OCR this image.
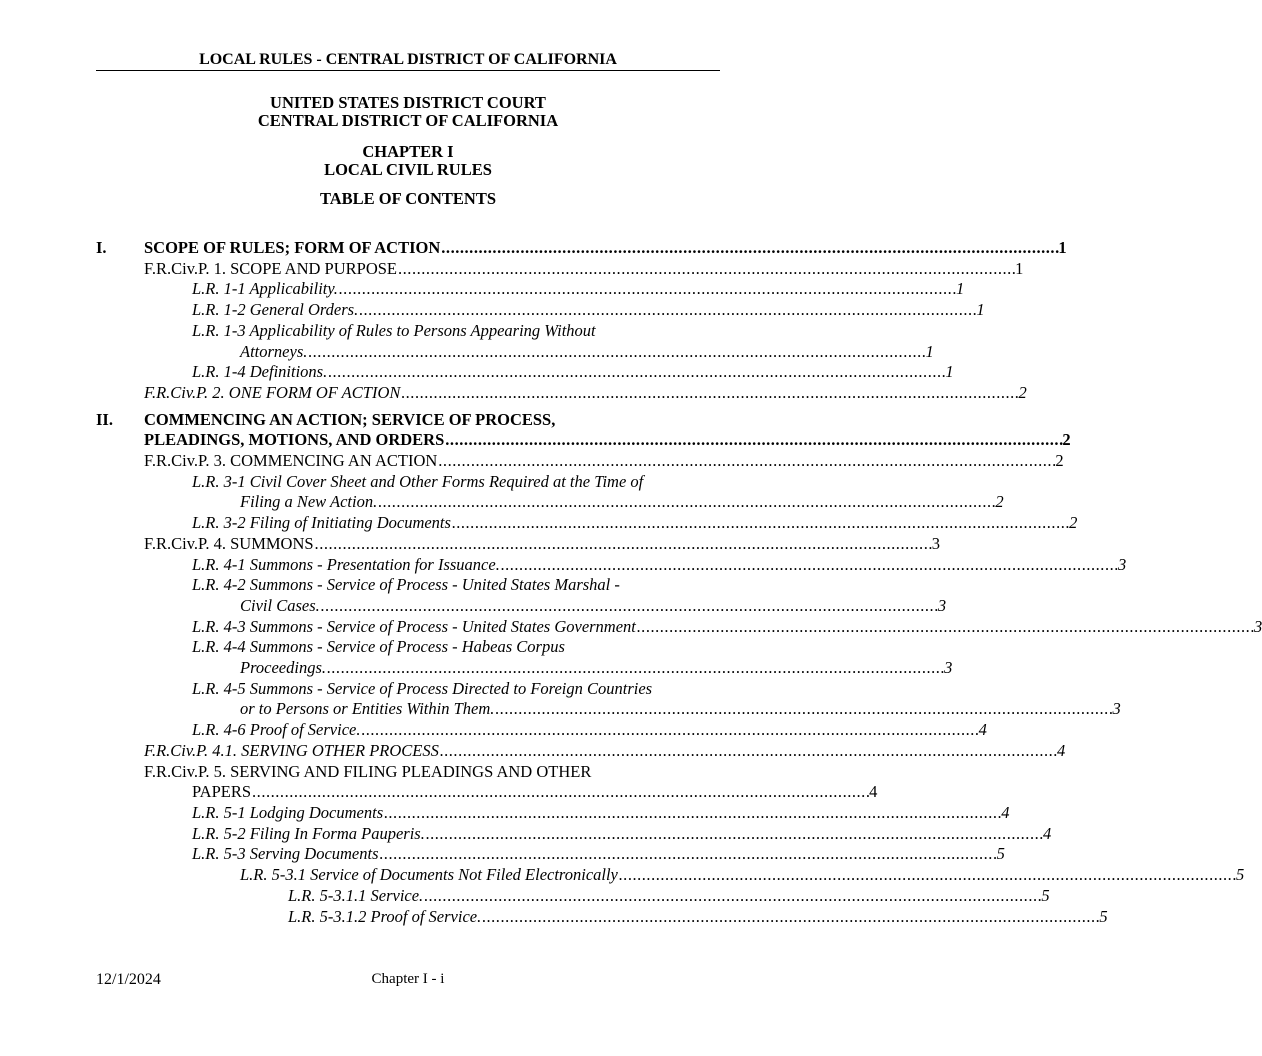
LOCAL RULES - CENTRAL DISTRICT OF CALIFORNIA
UNITED STATES DISTRICT COURT
CENTRAL DISTRICT OF CALIFORNIA
CHAPTER I
LOCAL CIVIL RULES
TABLE OF CONTENTS
I.	SCOPE OF RULES; FORM OF ACTION . . .	1
F.R.Civ.P. 1. SCOPE AND PURPOSE . . .	1
L.R. 1-1 Applicability. . . .	1
L.R. 1-2 General Orders. . . .	1
L.R. 1-3 Applicability of Rules to Persons Appearing Without
Attorneys. . . .	1
L.R. 1-4 Definitions. . . .	1
F.R.Civ.P. 2. ONE FORM OF ACTION . . .	2
II.	COMMENCING AN ACTION; SERVICE OF PROCESS,
PLEADINGS, MOTIONS, AND ORDERS . . .	2
F.R.Civ.P. 3. COMMENCING AN ACTION . . .	2
L.R. 3-1 Civil Cover Sheet and Other Forms Required at the Time of
Filing a New Action. . . .	2
L.R. 3-2 Filing of Initiating Documents . . .	2
F.R.Civ.P. 4. SUMMONS . . .	3
L.R. 4-1 Summons - Presentation for Issuance. . . .	3
L.R. 4-2 Summons - Service of Process - United States Marshal -
Civil Cases. . . .	3
L.R. 4-3 Summons - Service of Process - United States Government . . .	3
L.R. 4-4 Summons - Service of Process - Habeas Corpus
Proceedings. . . .	3
L.R. 4-5 Summons - Service of Process Directed to Foreign Countries
or to Persons or Entities Within Them. . . .	3
L.R. 4-6 Proof of Service. . . .	4
F.R.Civ.P. 4.1. SERVING OTHER PROCESS . . .	4
F.R.Civ.P. 5. SERVING AND FILING PLEADINGS AND OTHER
PAPERS . . .	4
L.R. 5-1 Lodging Documents . . .	4
L.R. 5-2 Filing In Forma Pauperis. . . .	4
L.R. 5-3 Serving Documents . . .	5
L.R. 5-3.1 Service of Documents Not Filed Electronically . . .	5
L.R. 5-3.1.1 Service. . . .	5
L.R. 5-3.1.2 Proof of Service. . . .	5
12/1/2024	Chapter I - i
